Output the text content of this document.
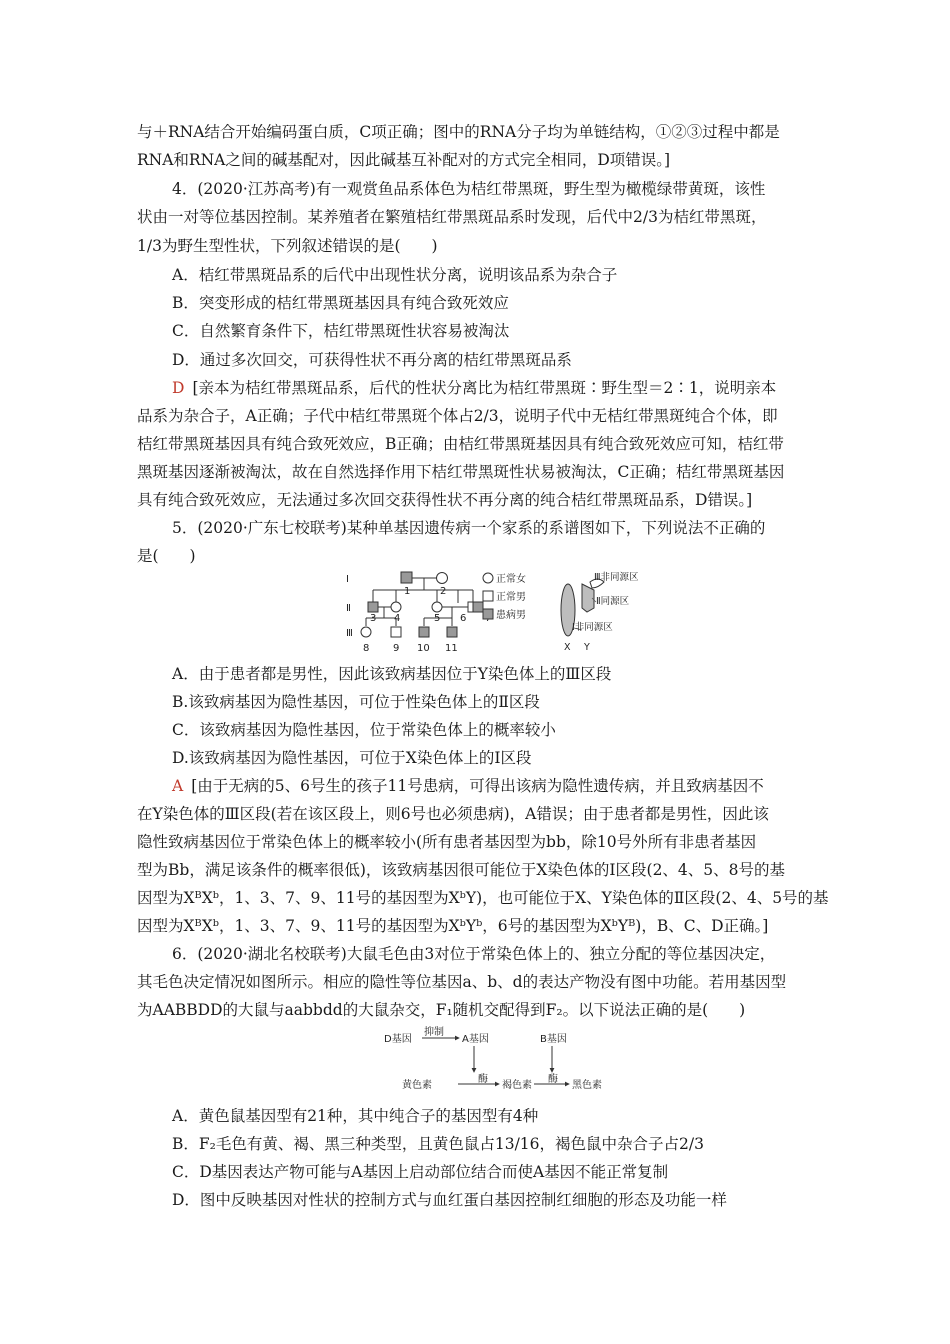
与＋RNA结合开始编码蛋白质，C项正确；图中的RNA分子均为单链结构，①②③过程中都是
RNA和RNA之间的碱基配对，因此碱基互补配对的方式完全相同，D项错误。]
4．(2020·江苏高考)有一观赏鱼品系体色为桔红带黑斑，野生型为橄榄绿带黄斑，该性
状由一对等位基因控制。某养殖者在繁殖桔红带黑斑品系时发现，后代中2/3为桔红带黑斑，
1/3为野生型性状，下列叙述错误的是(　　)
A．桔红带黑斑品系的后代中出现性状分离，说明该品系为杂合子
B．突变形成的桔红带黑斑基因具有纯合致死效应
C．自然繁育条件下，桔红带黑斑性状容易被淘汰
D．通过多次回交，可获得性状不再分离的桔红带黑斑品系
D [亲本为桔红带黑斑品系，后代的性状分离比为桔红带黑斑∶野生型＝2∶1，说明亲本
品系为杂合子，A正确；子代中桔红带黑斑个体占2/3，说明子代中无桔红带黑斑纯合个体，即
桔红带黑斑基因具有纯合致死效应，B正确；由桔红带黑斑基因具有纯合致死效应可知，桔红带
黑斑基因逐渐被淘汰，故在自然选择作用下桔红带黑斑性状易被淘汰，C正确；桔红带黑斑基因
具有纯合致死效应，无法通过多次回交获得性状不再分离的纯合桔红带黑斑品系，D错误。]
5．(2020·广东七校联考)某种单基因遗传病一个家系的系谱图如下，下列说法不正确的
是(　　)
Ⅰ
Ⅱ
Ⅲ
1	2
3 4	5 6
8 9 10 11
正常女
正常男
患病男
Ⅲ非同源区
Ⅱ同源区
Ⅰ非同源区
X Y
A．由于患者都是男性，因此该致病基因位于Y染色体上的Ⅲ区段
B.该致病基因为隐性基因，可位于性染色体上的Ⅱ区段
C．该致病基因为隐性基因，位于常染色体上的概率较小
D.该致病基因为隐性基因，可位于X染色体上的Ⅰ区段
A [由于无病的5、6号生的孩子11号患病，可得出该病为隐性遗传病，并且致病基因不
在Y染色体的Ⅲ区段(若在该区段上，则6号也必须患病)，A错误；由于患者都是男性，因此该
隐性致病基因位于常染色体上的概率较小(所有患者基因型为bb，除10号外所有非患者基因
型为Bb，满足该条件的概率很低)，该致病基因很可能位于X染色体的Ⅰ区段(2、4、5、8号的基
因型为XᴮXᵇ，1、3、7、9、11号的基因型为XᵇY)，也可能位于X、Y染色体的Ⅱ区段(2、4、5号的基
因型为XᴮXᵇ，1、3、7、9、11号的基因型为XᵇYᵇ，6号的基因型为XᵇYᴮ)，B、C、D正确。]
6．(2020·湖北名校联考)大鼠毛色由3对位于常染色体上的、独立分配的等位基因决定，
其毛色决定情况如图所示。相应的隐性等位基因a、b、d的表达产物没有图中功能。若用基因型
为AABBDD的大鼠与aabbdd的大鼠杂交，F₁随机交配得到F₂。以下说法正确的是(　　)
D基因
抑制
A基因	B基因
黄色素
酶
褐色素
酶
黑色素
A．黄色鼠基因型有21种，其中纯合子的基因型有4种
B．F₂毛色有黄、褐、黑三种类型，且黄色鼠占13/16，褐色鼠中杂合子占2/3
C．D基因表达产物可能与A基因上启动部位结合而使A基因不能正常复制
D．图中反映基因对性状的控制方式与血红蛋白基因控制红细胞的形态及功能一样
